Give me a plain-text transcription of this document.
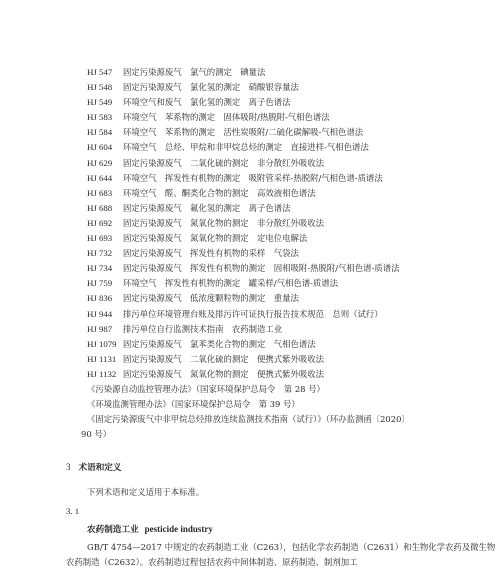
HJ 547 固定污染源废气　氯气的测定　碘量法
HJ 548 固定污染源废气　氯化氢的测定　硝酸银容量法
HJ 549 环境空气和废气　氯化氢的测定　离子色谱法
HJ 583 环境空气　苯系物的测定　固体吸附/热脱附-气相色谱法
HJ 584 环境空气　苯系物的测定　活性炭吸附/二硫化碳解吸-气相色谱法
HJ 604 环境空气　总烃、甲烷和非甲烷总烃的测定　直接进样-气相色谱法
HJ 629 固定污染源废气　二氧化硫的测定　非分散红外吸收法
HJ 644 环境空气　挥发性有机物的测定　吸附管采样-热脱附/气相色谱-质谱法
HJ 683 环境空气　醛、酮类化合物的测定　高效液相色谱法
HJ 688 固定污染源废气　氟化氢的测定　离子色谱法
HJ 692 固定污染源废气　氮氧化物的测定　非分散红外吸收法
HJ 693 固定污染源废气　氮氧化物的测定　定电位电解法
HJ 732 固定污染源废气　挥发性有机物的采样　气袋法
HJ 734 固定污染源废气　挥发性有机物的测定　固相吸附-热脱附/气相色谱-质谱法
HJ 759 环境空气　挥发性有机物的测定　罐采样/气相色谱-质谱法
HJ 836 固定污染源废气　低浓度颗粒物的测定　重量法
HJ 944 排污单位环境管理台账及排污许可证执行报告技术规范　总则（试行）
HJ 987 排污单位自行监测技术指南　农药制造工业
HJ 1079 固定污染源废气　氯苯类化合物的测定　气相色谱法
HJ 1131 固定污染源废气　二氧化硫的测定　便携式紫外吸收法
HJ 1132 固定污染源废气　氮氧化物的测定　便携式紫外吸收法
《污染源自动监控管理办法》（国家环境保护总局令　第 28 号）
《环境监测管理办法》（国家环境保护总局令　第 39 号）
《固定污染源废气中非甲烷总烃排放连续监测技术指南（试行）》（环办监测函〔2020〕
90 号）
3 术语和定义
下列术语和定义适用于本标准。
3. 1
农药制造工业 pesticide industry
GB/T 4754—2017 中规定的农药制造工业（C263），包括化学农药制造（C2631）和生物化学农药及微生物农药制造（C2632）。农药制造过程包括农药中间体制造、原药制造、制剂加工
